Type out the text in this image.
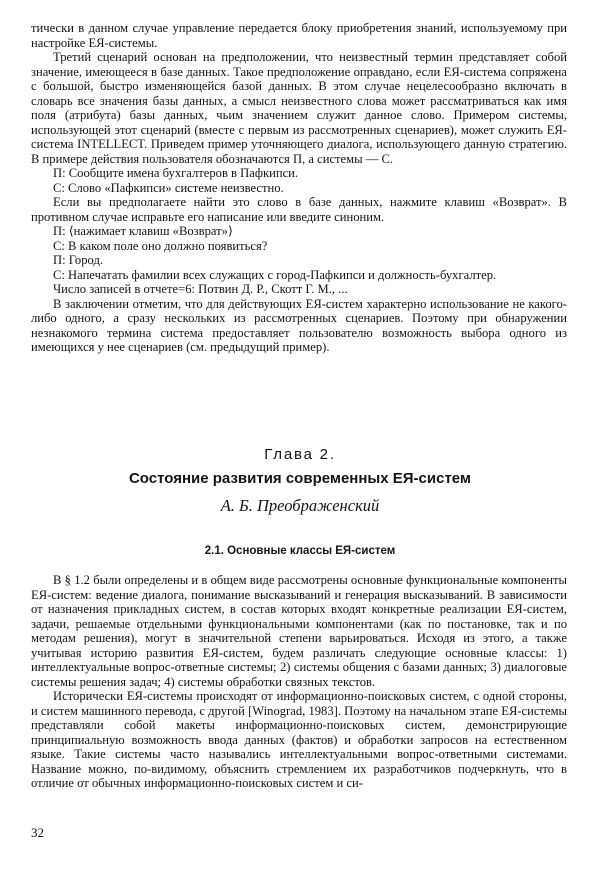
тически в данном случае управление передается блоку приобретения знаний, используемому при настройке ЕЯ-системы.

Третий сценарий основан на предположении, что неизвестный термин представляет собой значение, имеющееся в базе данных. Такое предположение оправдано, если ЕЯ-система сопряжена с большой, быстро изменяющейся базой данных. В этом случае нецелесообразно включать в словарь все значения базы данных, а смысл неизвестного слова может рассматриваться как имя поля (атрибута) базы данных, чьим значением служит данное слово. Примером системы, использующей этот сценарий (вместе с первым из рассмотренных сценариев), может служить ЕЯ-система INTELLECT. Приведем пример уточняющего диалога, использующего данную стратегию. В примере действия пользователя обозначаются П, а системы — С.

П: Сообщите имена бухгалтеров в Пафкипси.

С: Слово «Пафкипси» системе неизвестно.

Если вы предполагаете найти это слово в базе данных, нажмите клавиш «Возврат». В противном случае исправьте его написание или введите синоним.

П: ⟨нажимает клавиш «Возврат»⟩

С: В каком поле оно должно появиться?

П: Город.

С: Напечатать фамилии всех служащих с город-Пафкипси и должность-бухгалтер.

Число записей в отчете=6: Потвин Д. Р., Скотт Г. М., ...

В заключении отметим, что для действующих ЕЯ-систем характерно использование не какого-либо одного, а сразу нескольких из рассмотренных сценариев. Поэтому при обнаружении незнакомого термина система предоставляет пользователю возможность выбора одного из имеющихся у нее сценариев (см. предыдущий пример).

Глава 2.
Состояние развития современных ЕЯ-систем
А. Б. Преображенский
2.1. Основные классы ЕЯ-систем

В § 1.2 были определены и в общем виде рассмотрены основные функциональные компоненты ЕЯ-систем: ведение диалога, понимание высказываний и генерация высказываний. В зависимости от назначения прикладных систем, в состав которых входят конкретные реализации ЕЯ-систем, задачи, решаемые отдельными функциональными компонентами (как по постановке, так и по методам решения), могут в значительной степени варьироваться. Исходя из этого, а также учитывая историю развития ЕЯ-систем, будем различать следующие основные классы: 1) интеллектуальные вопрос-ответные системы; 2) системы общения с базами данных; 3) диалоговые системы решения задач; 4) системы обработки связных текстов.

Исторически ЕЯ-системы происходят от информационно-поисковых систем, с одной стороны, и систем машинного перевода, с другой [Winograd, 1983]. Поэтому на начальном этапе ЕЯ-системы представляли собой макеты информационно-поисковых систем, демонстрирующие принципиальную возможность ввода данных (фактов) и обработки запросов на естественном языке. Такие системы часто назывались интеллектуальными вопрос-ответными системами. Название можно, по-видимому, объяснить стремлением их разработчиков подчеркнуть, что в отличие от обычных информационно-поисковых систем и си-

32
